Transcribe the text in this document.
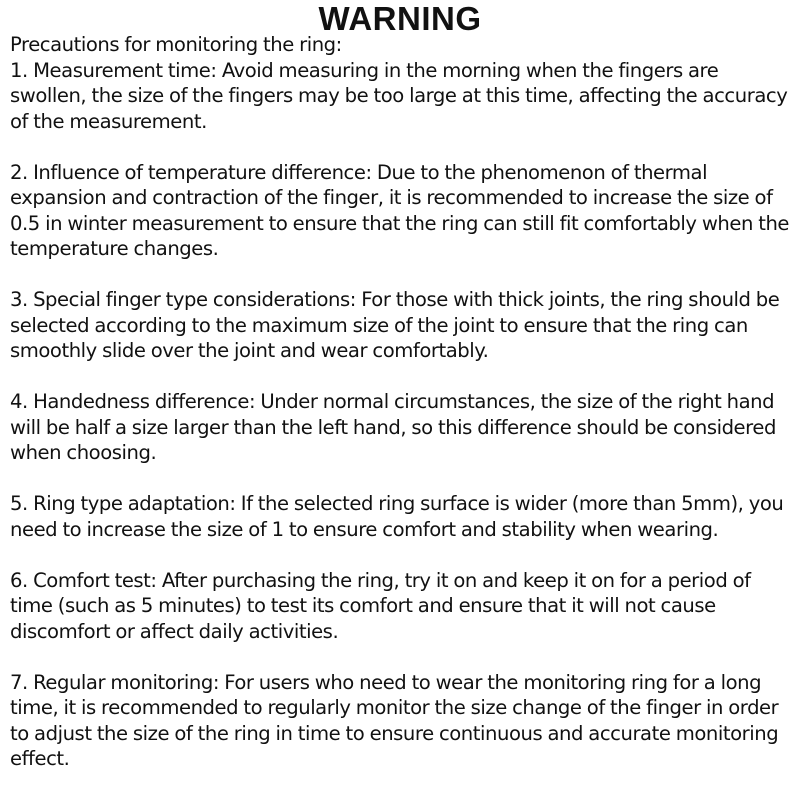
WARNING

Precautions for monitoring the ring:

1. Measurement time: Avoid measuring in the morning when the fingers are swollen, the size of the fingers may be too large at this time, affecting the accuracy of the measurement.

2. Influence of temperature difference: Due to the phenomenon of thermal expansion and contraction of the finger, it is recommended to increase the size of 0.5 in winter measurement to ensure that the ring can still fit comfortably when the temperature changes.

3. Special finger type considerations: For those with thick joints, the ring should be selected according to the maximum size of the joint to ensure that the ring can smoothly slide over the joint and wear comfortably.

4. Handedness difference: Under normal circumstances, the size of the right hand will be half a size larger than the left hand, so this difference should be considered when choosing.

5. Ring type adaptation: If the selected ring surface is wider (more than 5mm), you need to increase the size of 1 to ensure comfort and stability when wearing.

6. Comfort test: After purchasing the ring, try it on and keep it on for a period of time (such as 5 minutes) to test its comfort and ensure that it will not cause discomfort or affect daily activities.

7. Regular monitoring: For users who need to wear the monitoring ring for a long time, it is recommended to regularly monitor the size change of the finger in order to adjust the size of the ring in time to ensure continuous and accurate monitoring effect.
